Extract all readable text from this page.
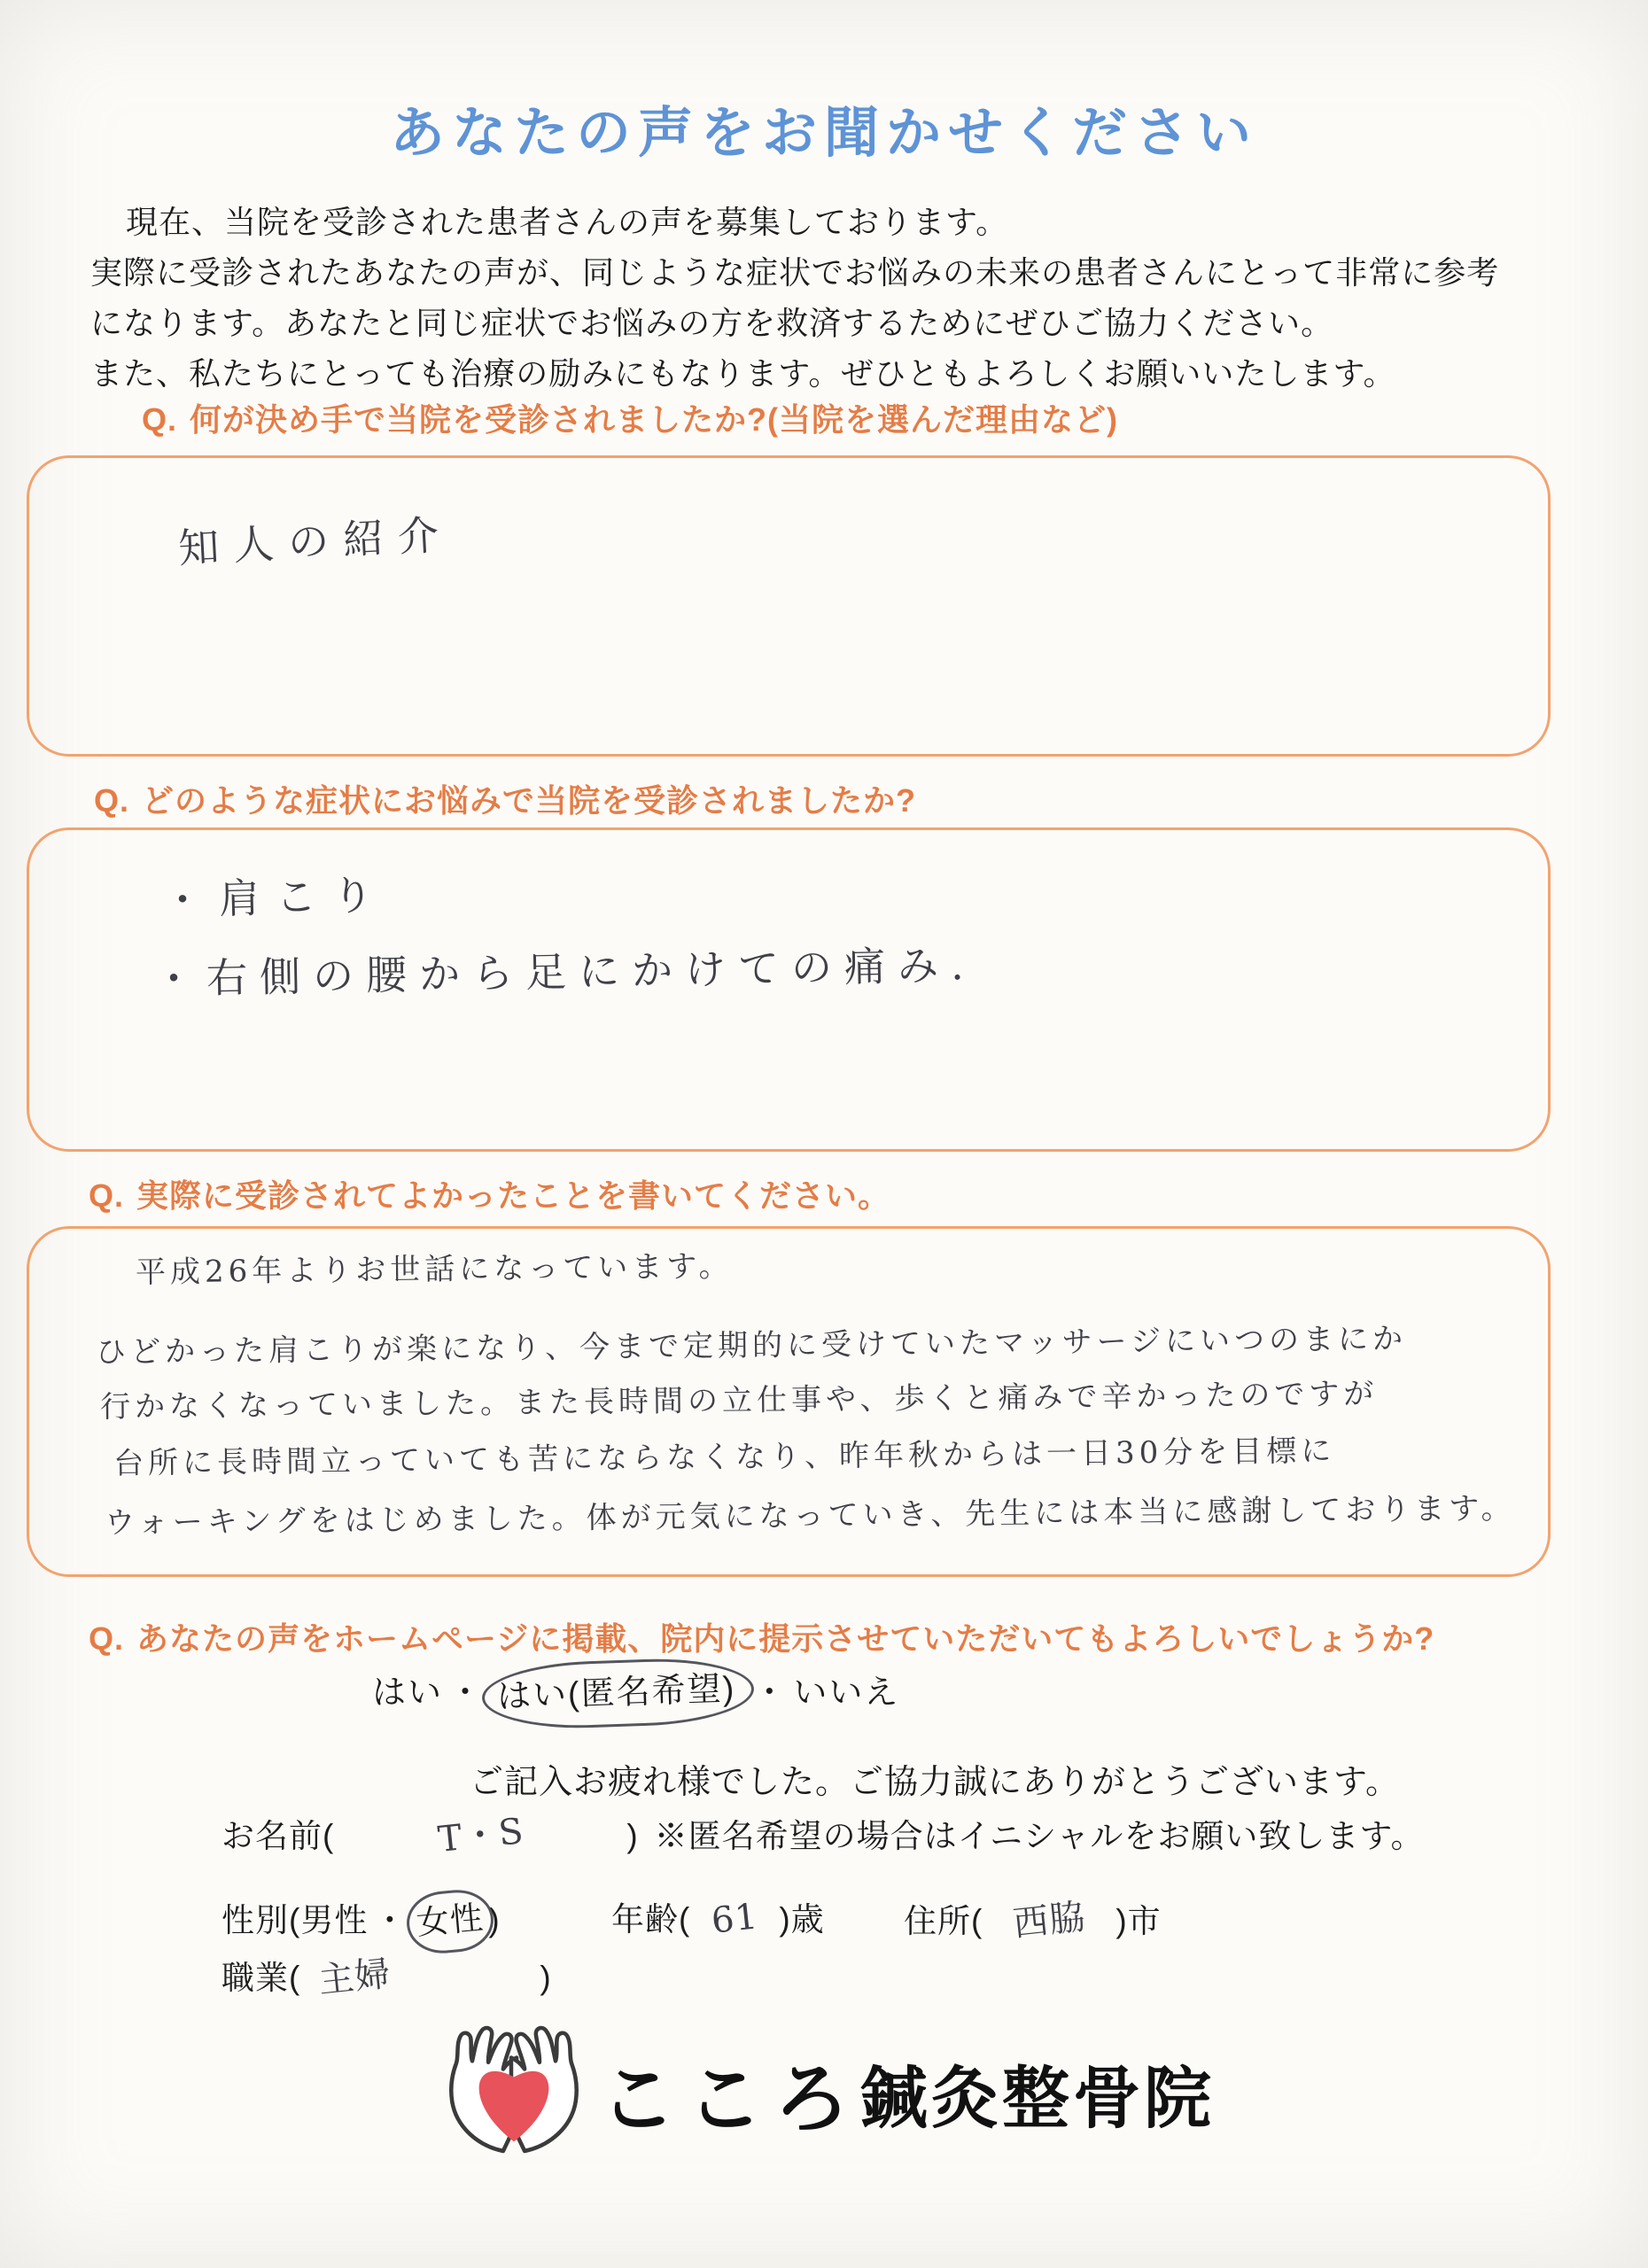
あなたの声をお聞かせください
現在、当院を受診された患者さんの声を募集しております。
実際に受診されたあなたの声が、同じような症状でお悩みの未来の患者さんにとって非常に参考
になります。あなたと同じ症状でお悩みの方を救済するためにぜひご協力ください。
また、私たちにとっても治療の励みにもなります。ぜひともよろしくお願いいたします。
Q. 何が決め手で当院を受診されましたか?(当院を選んだ理由など)
知人の紹介
Q. どのような症状にお悩みで当院を受診されましたか?
・肩こり
・右側の腰から足にかけての痛み.
Q. 実際に受診されてよかったことを書いてください。
平成26年よりお世話になっています。
ひどかった肩こりが楽になり、今まで定期的に受けていたマッサージにいつのまにか
行かなくなっていました。また長時間の立仕事や、歩くと痛みで辛かったのですが
台所に長時間立っていても苦にならなくなり、昨年秋からは一日30分を目標に
ウォーキングをはじめました。体が元気になっていき、先生には本当に感謝しております。
Q. あなたの声をホームページに掲載、院内に提示させていただいてもよろしいでしょうか?
はい ・ はい(匿名希望) ・ いいえ
ご記入お疲れ様でした。ご協力誠にありがとうございます。
お名前(	T・S	) ※匿名希望の場合はイニシャルをお願い致します。
性別(男性 ・ 女性)	年齢( 61 )歳 住所( 西脇 )市
職業( 主婦	)
こころ 鍼灸整骨院
